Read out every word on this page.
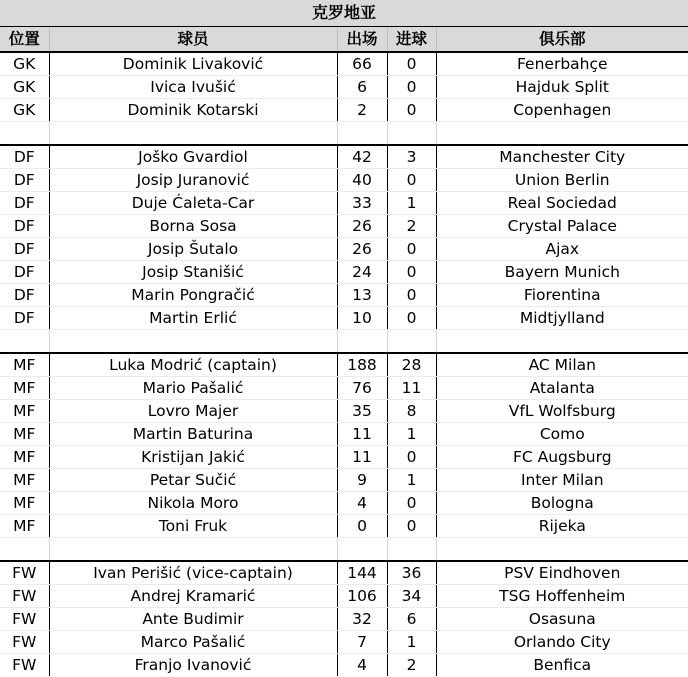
克罗地亚				
位置	球员	出场	进球	俱乐部
GK	Dominik Livaković	66	0	Fenerbahçe
GK	Ivica Ivušić	6	0	Hajduk Split
GK	Dominik Kotarski	2	0	Copenhagen

DF	Joško Gvardiol	42	3	Manchester City
DF	Josip Juranović	40	0	Union Berlin
DF	Duje Ćaleta-Car	33	1	Real Sociedad
DF	Borna Sosa	26	2	Crystal Palace
DF	Josip Šutalo	26	0	Ajax
DF	Josip Stanišić	24	0	Bayern Munich
DF	Marin Pongračić	13	0	Fiorentina
DF	Martin Erlić	10	0	Midtjylland

MF	Luka Modrić (captain)	188	28	AC Milan
MF	Mario Pašalić	76	11	Atalanta
MF	Lovro Majer	35	8	VfL Wolfsburg
MF	Martin Baturina	11	1	Como
MF	Kristijan Jakić	11	0	FC Augsburg
MF	Petar Sučić	9	1	Inter Milan
MF	Nikola Moro	4	0	Bologna
MF	Toni Fruk	0	0	Rijeka

FW	Ivan Perišić (vice-captain)	144	36	PSV Eindhoven
FW	Andrej Kramarić	106	34	TSG Hoffenheim
FW	Ante Budimir	32	6	Osasuna
FW	Marco Pašalić	7	1	Orlando City
FW	Franjo Ivanović	4	2	Benfica
